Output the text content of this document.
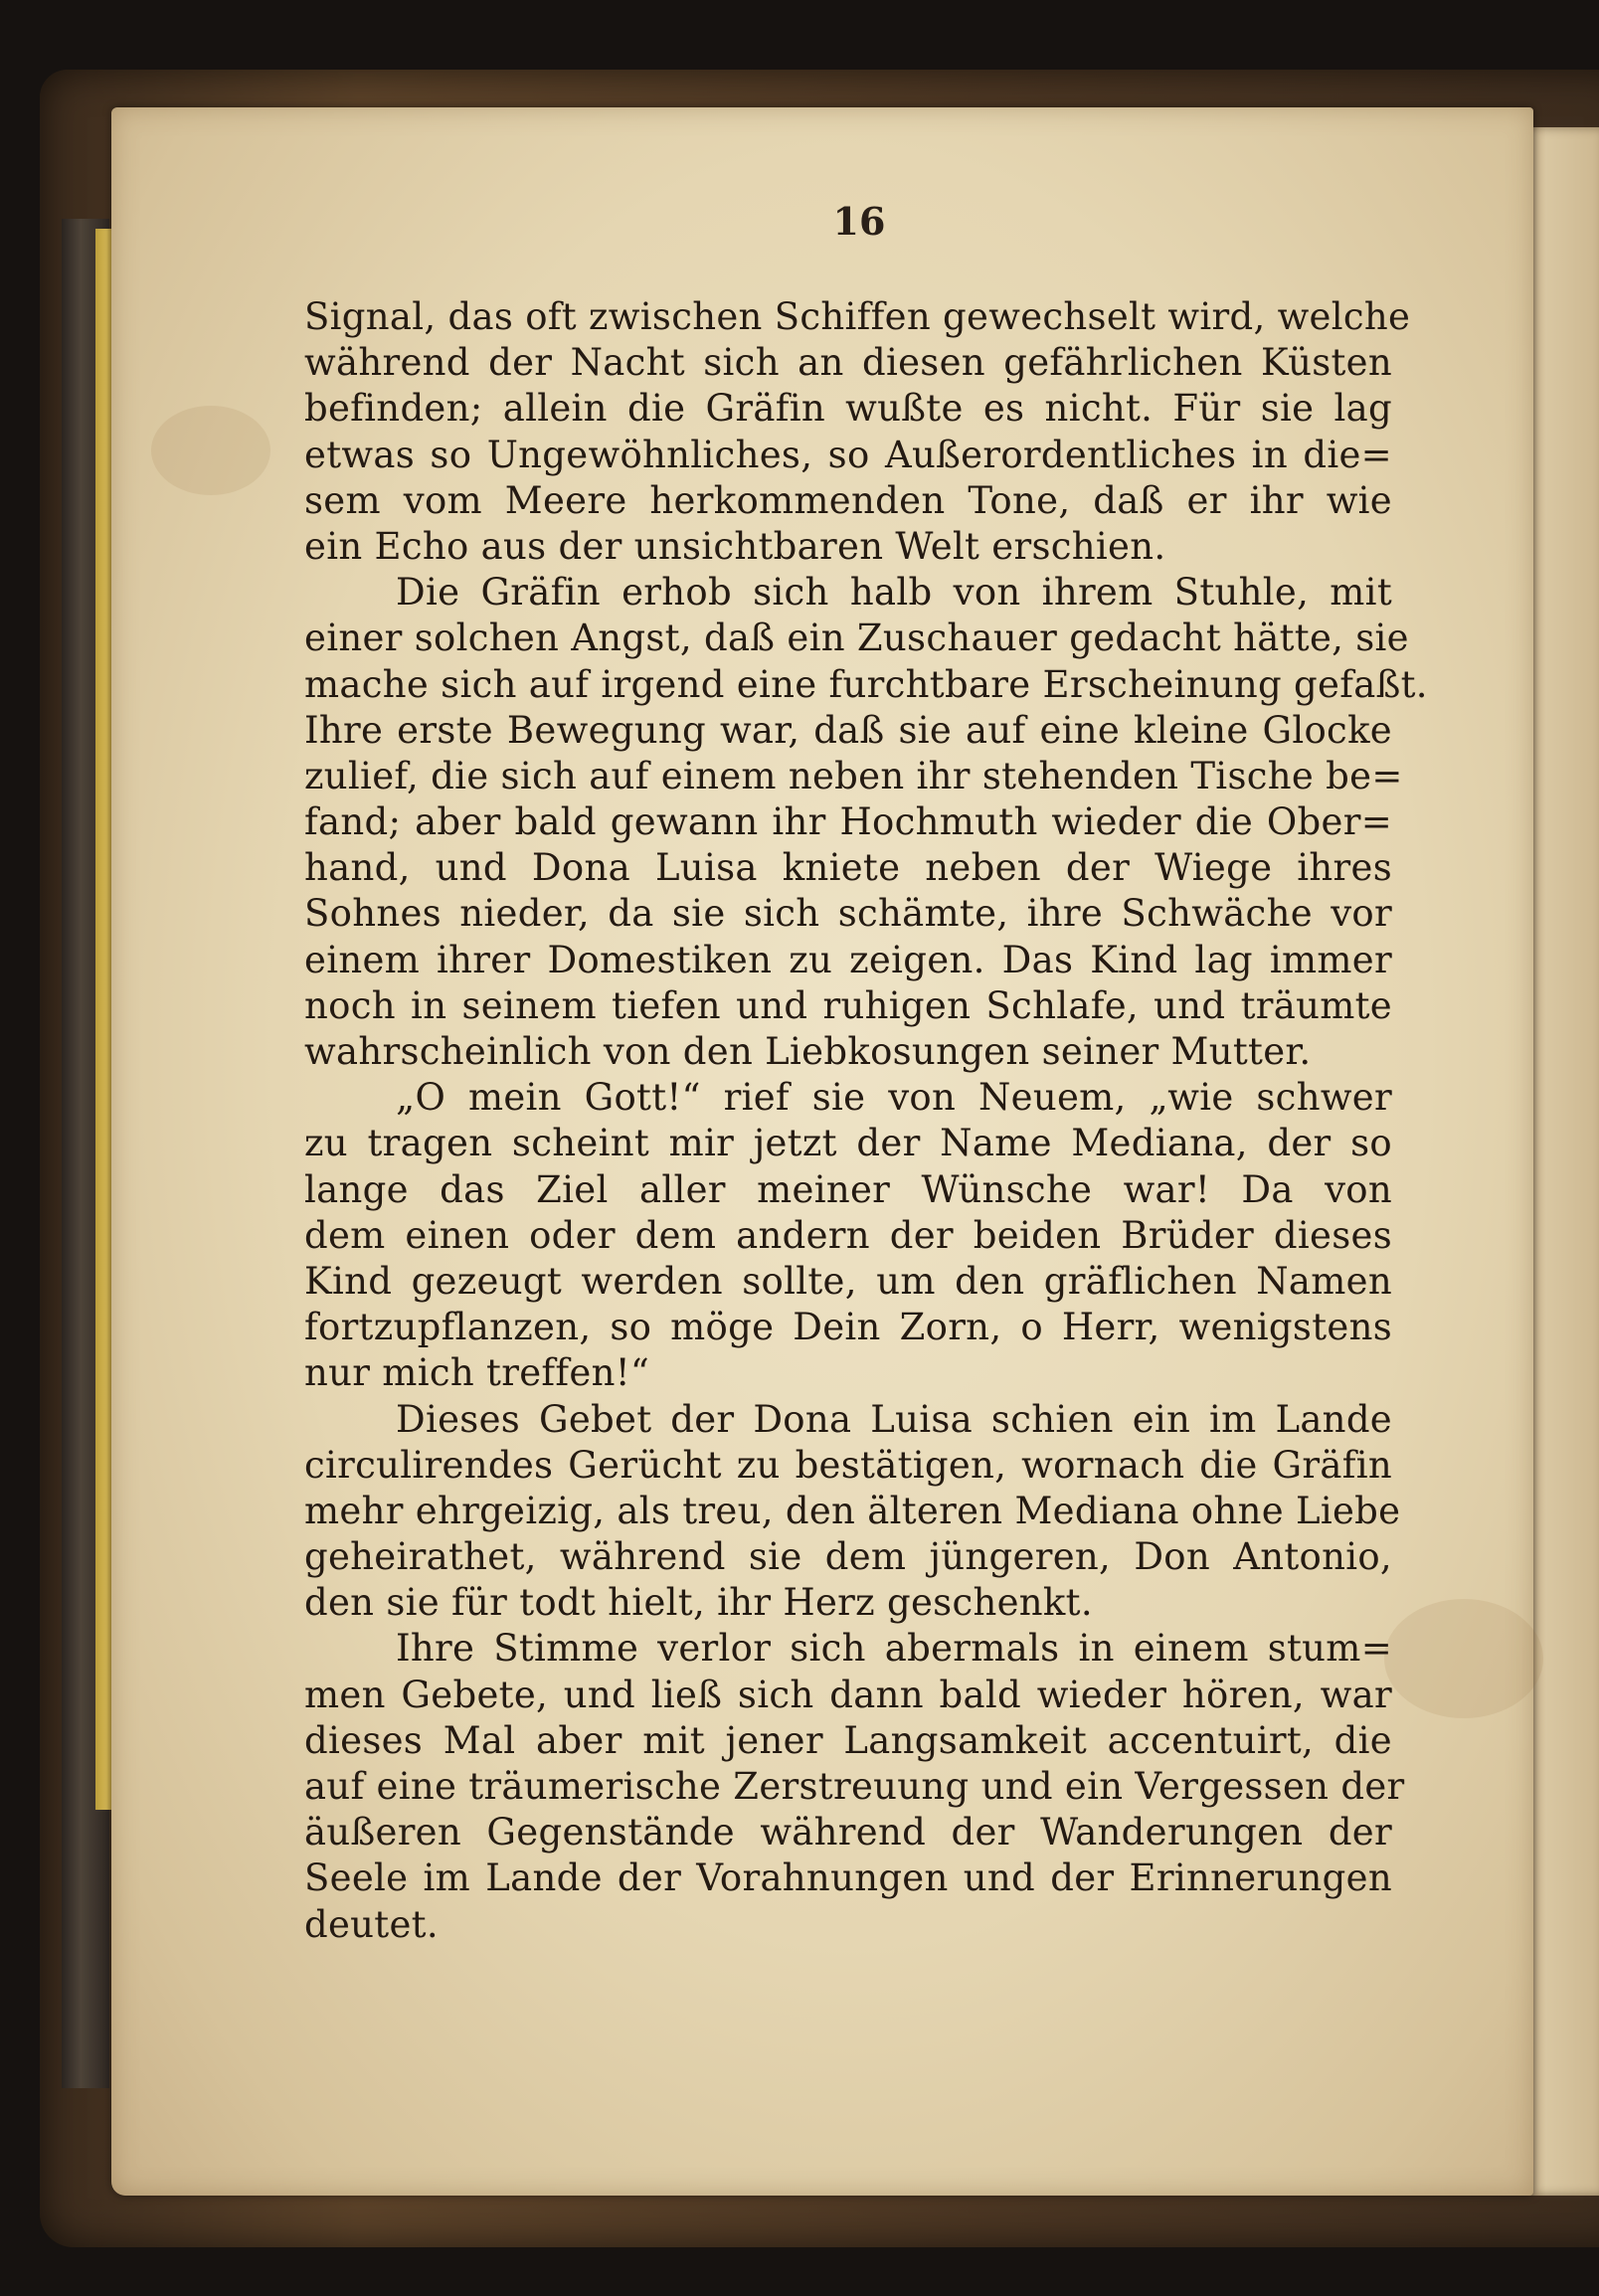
16
Signal, das oft zwischen Schiffen gewechselt wird, welche
während der Nacht sich an diesen gefährlichen Küsten
befinden; allein die Gräfin wußte es nicht. Für sie lag
etwas so Ungewöhnliches, so Außerordentliches in die=
sem vom Meere herkommenden Tone, daß er ihr wie
ein Echo aus der unsichtbaren Welt erschien.
Die Gräfin erhob sich halb von ihrem Stuhle, mit
einer solchen Angst, daß ein Zuschauer gedacht hätte, sie
mache sich auf irgend eine furchtbare Erscheinung gefaßt.
Ihre erste Bewegung war, daß sie auf eine kleine Glocke
zulief, die sich auf einem neben ihr stehenden Tische be=
fand; aber bald gewann ihr Hochmuth wieder die Ober=
hand, und Dona Luisa kniete neben der Wiege ihres
Sohnes nieder, da sie sich schämte, ihre Schwäche vor
einem ihrer Domestiken zu zeigen. Das Kind lag immer
noch in seinem tiefen und ruhigen Schlafe, und träumte
wahrscheinlich von den Liebkosungen seiner Mutter.
„O mein Gott!“ rief sie von Neuem, „wie schwer
zu tragen scheint mir jetzt der Name Mediana, der so
lange das Ziel aller meiner Wünsche war! Da von
dem einen oder dem andern der beiden Brüder dieses
Kind gezeugt werden sollte, um den gräflichen Namen
fortzupflanzen, so möge Dein Zorn, o Herr, wenigstens
nur mich treffen!“
Dieses Gebet der Dona Luisa schien ein im Lande
circulirendes Gerücht zu bestätigen, wornach die Gräfin
mehr ehrgeizig, als treu, den älteren Mediana ohne Liebe
geheirathet, während sie dem jüngeren, Don Antonio,
den sie für todt hielt, ihr Herz geschenkt.
Ihre Stimme verlor sich abermals in einem stum=
men Gebete, und ließ sich dann bald wieder hören, war
dieses Mal aber mit jener Langsamkeit accentuirt, die
auf eine träumerische Zerstreuung und ein Vergessen der
äußeren Gegenstände während der Wanderungen der
Seele im Lande der Vorahnungen und der Erinnerungen
deutet.
